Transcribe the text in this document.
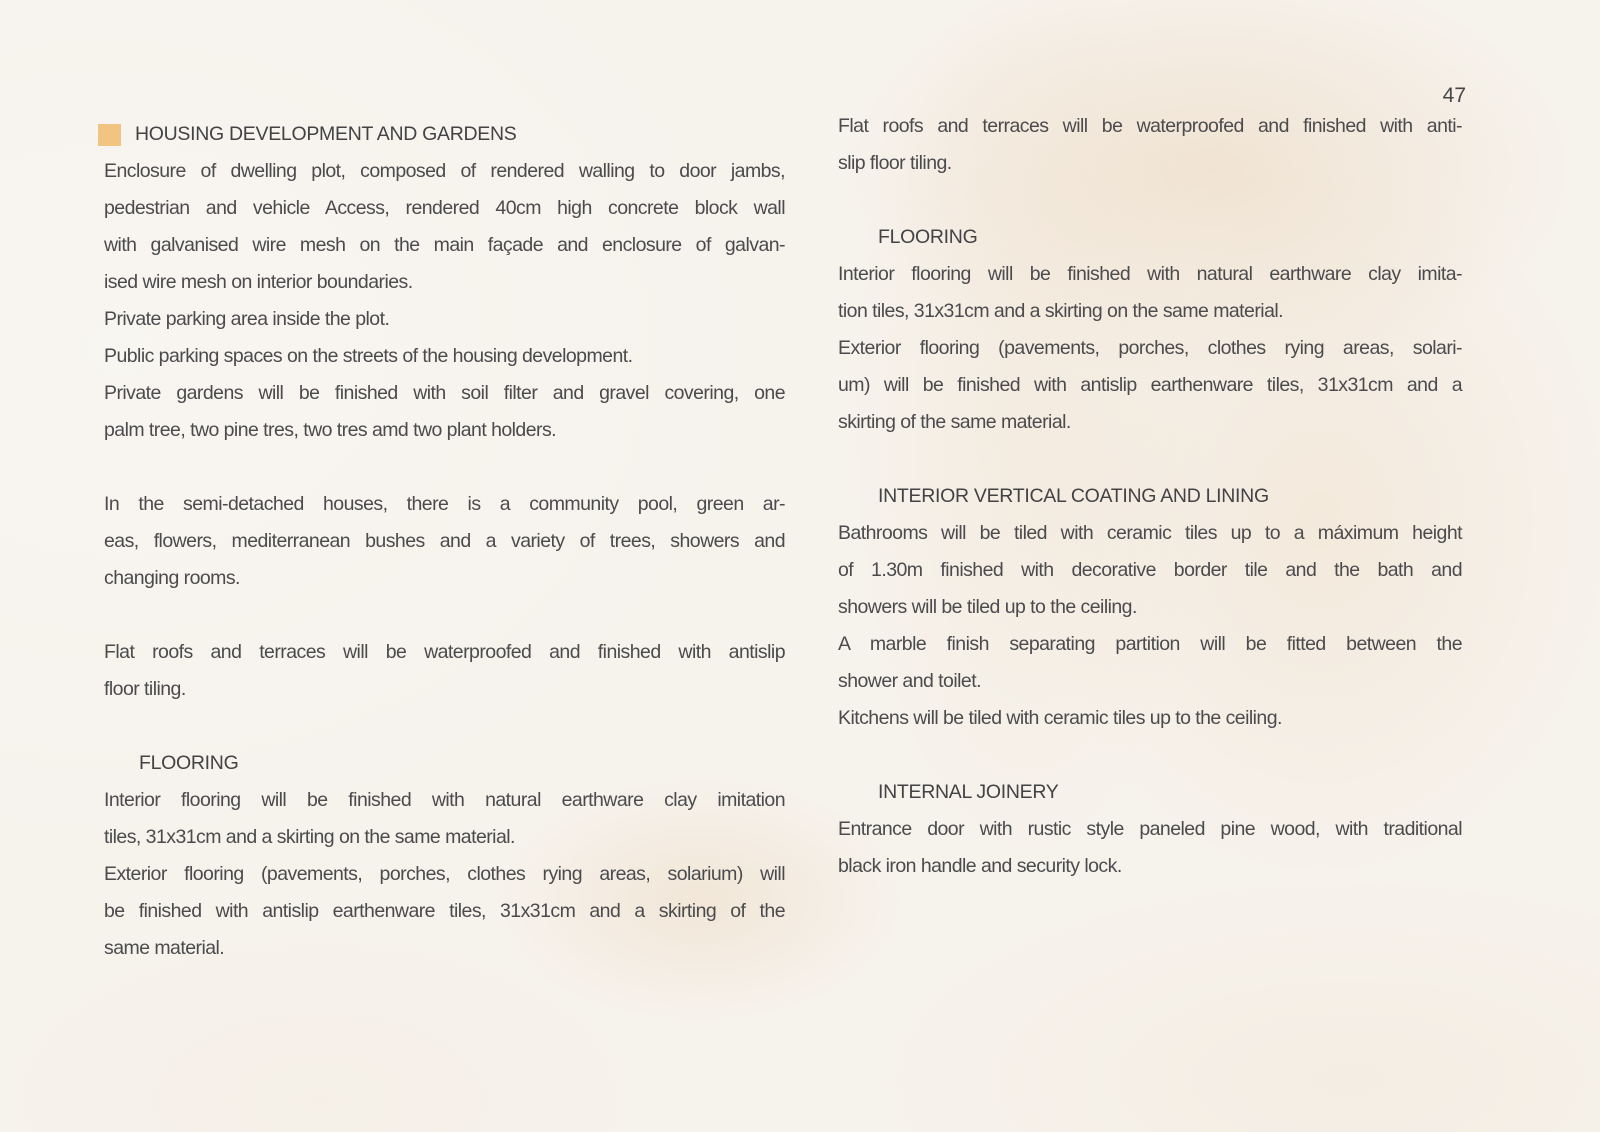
47
HOUSING DEVELOPMENT AND GARDENS
Enclosure of dwelling plot, composed of rendered walling to door jambs,
pedestrian and vehicle Access, rendered 40cm high concrete block wall
with galvanised wire mesh on the main façade and enclosure of galvan-
ised wire mesh on interior boundaries.
Private parking area inside the plot.
Public parking spaces on the streets of the housing development.
Private gardens will be finished with soil filter and gravel covering, one
palm tree, two pine tres, two tres amd two plant holders.
In the semi-detached houses, there is a community pool, green ar-
eas, flowers, mediterranean bushes and a variety of trees, showers and
changing rooms.
Flat roofs and terraces will be waterproofed and finished with antislip
floor tiling.
FLOORING
Interior flooring will be finished with natural earthware clay imitation
tiles, 31x31cm and a skirting on the same material.
Exterior flooring (pavements, porches, clothes rying areas, solarium) will
be finished with antislip earthenware tiles, 31x31cm and a skirting of the
same material.
Flat roofs and terraces will be waterproofed and finished with anti-
slip floor tiling.
FLOORING
Interior flooring will be finished with natural earthware clay imita-
tion tiles, 31x31cm and a skirting on the same material.
Exterior flooring (pavements, porches, clothes rying areas, solari-
um) will be finished with antislip earthenware tiles, 31x31cm and a
skirting of the same material.
INTERIOR VERTICAL COATING AND LINING
Bathrooms will be tiled with ceramic tiles up to a máximum height
of 1.30m finished with decorative border tile and the bath and
showers will be tiled up to the ceiling.
A marble finish separating partition will be fitted between the
shower and toilet.
Kitchens will be tiled with ceramic tiles up to the ceiling.
INTERNAL JOINERY
Entrance door with rustic style paneled pine wood, with traditional
black iron handle and security lock.
